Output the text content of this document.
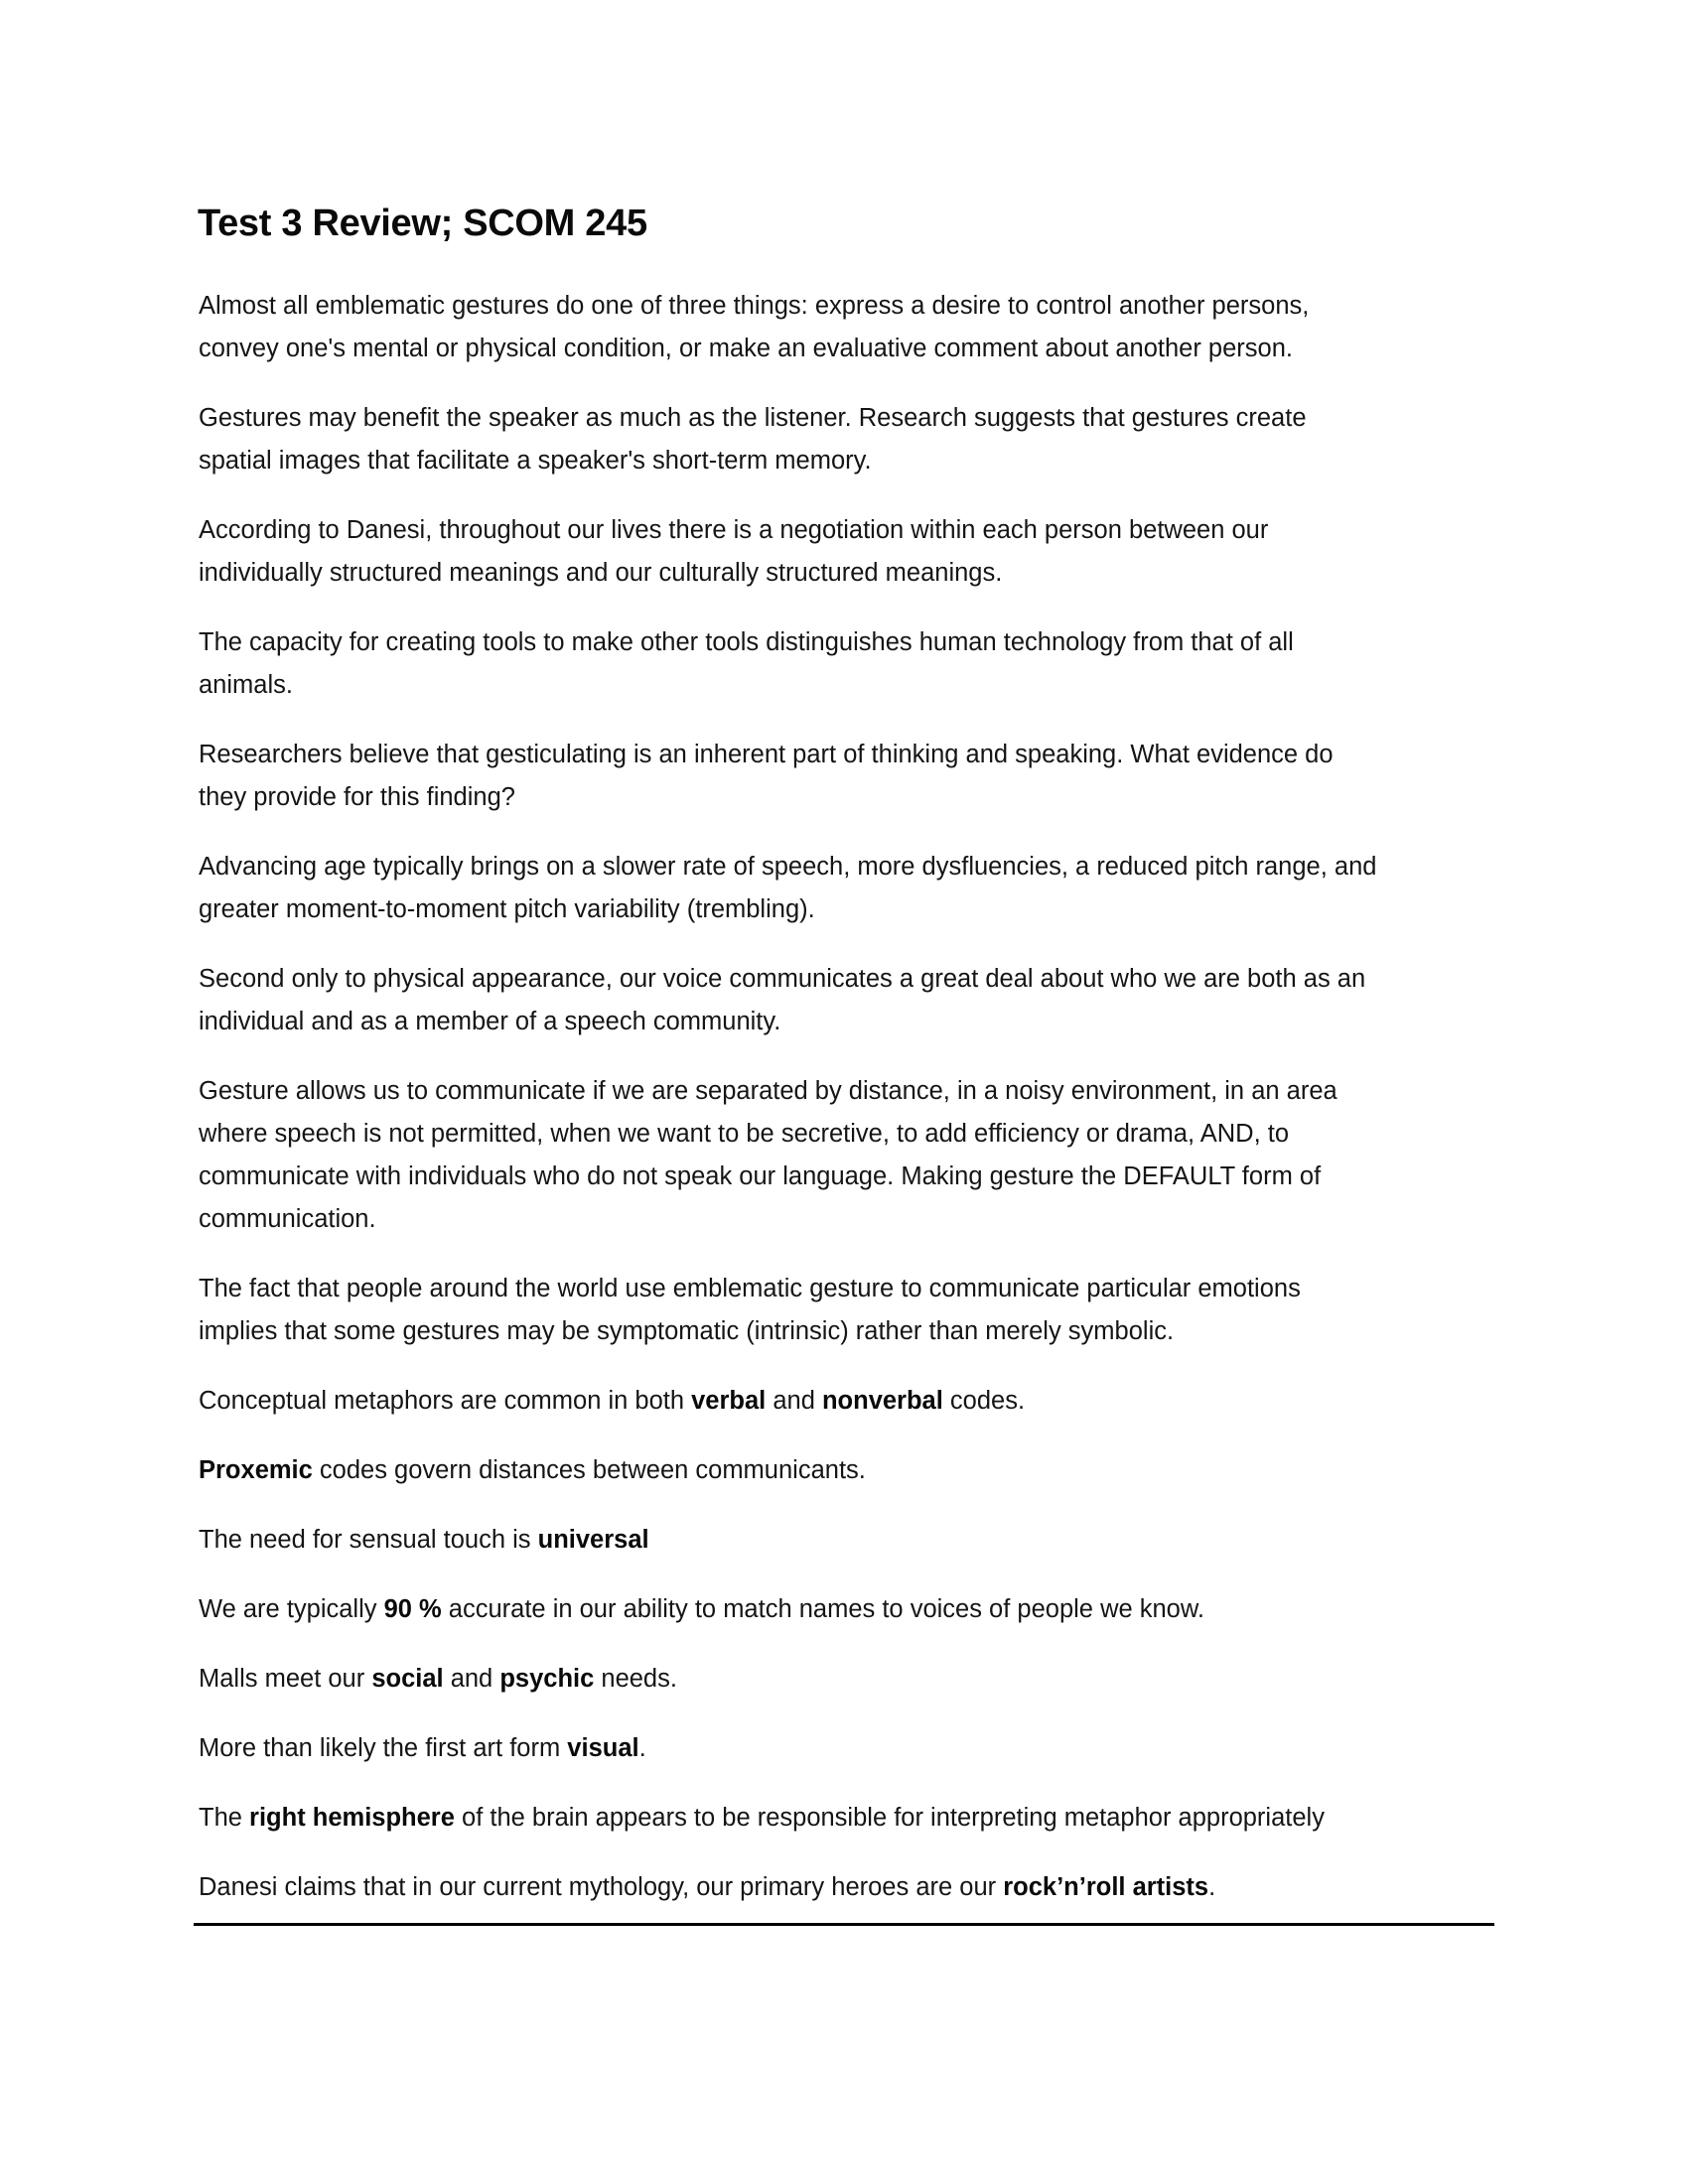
Test 3 Review; SCOM 245

Almost all emblematic gestures do one of three things: express a desire to control another persons,
convey one's mental or physical condition, or make an evaluative comment about another person.

Gestures may benefit the speaker as much as the listener. Research suggests that gestures create
spatial images that facilitate a speaker's short-term memory.

According to Danesi, throughout our lives there is a negotiation within each person between our
individually structured meanings and our culturally structured meanings.

The capacity for creating tools to make other tools distinguishes human technology from that of all
animals.

Researchers believe that gesticulating is an inherent part of thinking and speaking. What evidence do
they provide for this finding?

Advancing age typically brings on a slower rate of speech, more dysfluencies, a reduced pitch range, and
greater moment-to-moment pitch variability (trembling).

Second only to physical appearance, our voice communicates a great deal about who we are both as an
individual and as a member of a speech community.

Gesture allows us to communicate if we are separated by distance, in a noisy environment, in an area
where speech is not permitted, when we want to be secretive, to add efficiency or drama, AND, to
communicate with individuals who do not speak our language. Making gesture the DEFAULT form of
communication.

The fact that people around the world use emblematic gesture to communicate particular emotions
implies that some gestures may be symptomatic (intrinsic) rather than merely symbolic.

Conceptual metaphors are common in both verbal and nonverbal codes.

Proxemic codes govern distances between communicants.

The need for sensual touch is universal

We are typically 90 % accurate in our ability to match names to voices of people we know.

Malls meet our social and psychic needs.

More than likely the first art form visual.

The right hemisphere of the brain appears to be responsible for interpreting metaphor appropriately

Danesi claims that in our current mythology, our primary heroes are our rock’n’roll artists.
